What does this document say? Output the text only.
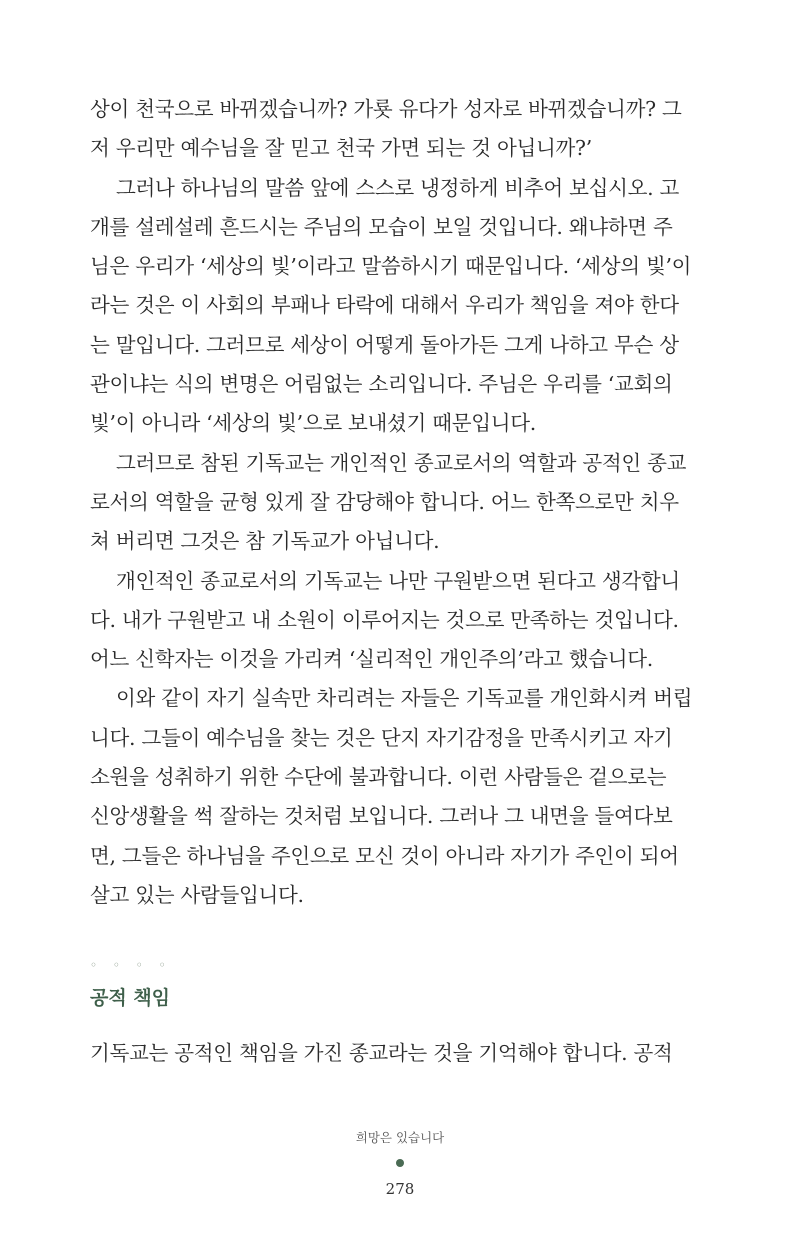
상이 천국으로 바뀌겠습니까? 가룟 유다가 성자로 바뀌겠습니까? 그
저 우리만 예수님을 잘 믿고 천국 가면 되는 것 아닙니까?’
그러나 하나님의 말씀 앞에 스스로 냉정하게 비추어 보십시오. 고
개를 설레설레 흔드시는 주님의 모습이 보일 것입니다. 왜냐하면 주
님은 우리가 ‘세상의 빛’이라고 말씀하시기 때문입니다. ‘세상의 빛’이
라는 것은 이 사회의 부패나 타락에 대해서 우리가 책임을 져야 한다
는 말입니다. 그러므로 세상이 어떻게 돌아가든 그게 나하고 무슨 상
관이냐는 식의 변명은 어림없는 소리입니다. 주님은 우리를 ‘교회의
빛’이 아니라 ‘세상의 빛’으로 보내셨기 때문입니다.
그러므로 참된 기독교는 개인적인 종교로서의 역할과 공적인 종교
로서의 역할을 균형 있게 잘 감당해야 합니다. 어느 한쪽으로만 치우
쳐 버리면 그것은 참 기독교가 아닙니다.
개인적인 종교로서의 기독교는 나만 구원받으면 된다고 생각합니
다. 내가 구원받고 내 소원이 이루어지는 것으로 만족하는 것입니다.
어느 신학자는 이것을 가리켜 ‘실리적인 개인주의’라고 했습니다.
이와 같이 자기 실속만 차리려는 자들은 기독교를 개인화시켜 버립
니다. 그들이 예수님을 찾는 것은 단지 자기감정을 만족시키고 자기
소원을 성취하기 위한 수단에 불과합니다. 이런 사람들은 겉으로는
신앙생활을 썩 잘하는 것처럼 보입니다. 그러나 그 내면을 들여다보
면, 그들은 하나님을 주인으로 모신 것이 아니라 자기가 주인이 되어
살고 있는 사람들입니다.
◦ ◦ ◦ ◦
공적 책임
기독교는 공적인 책임을 가진 종교라는 것을 기억해야 합니다. 공적
희망은 있습니다
278
